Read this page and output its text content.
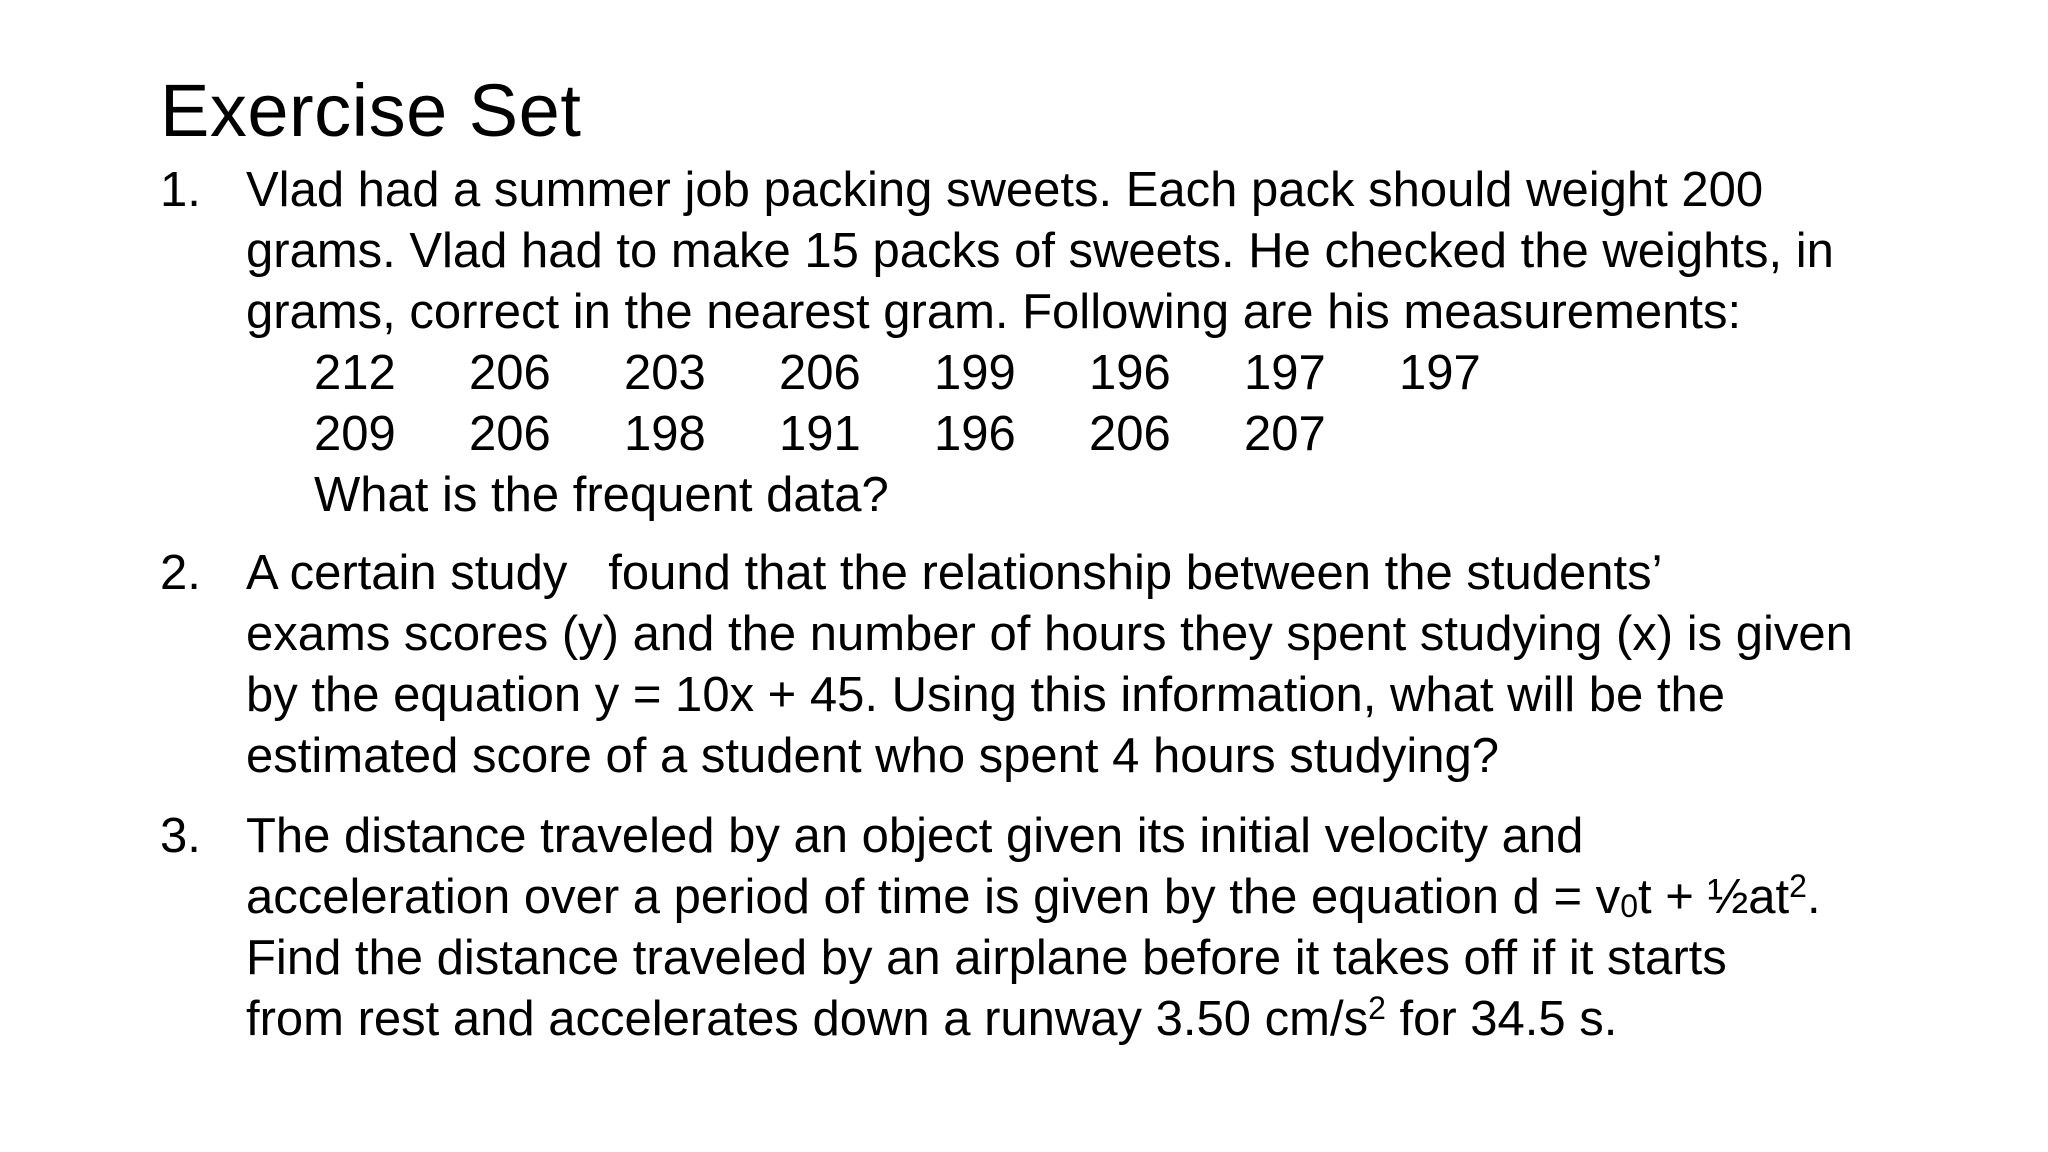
Exercise Set
1. Vlad had a summer job packing sweets. Each pack should weight 200
grams. Vlad had to make 15 packs of sweets. He checked the weights, in
grams, correct in the nearest gram. Following are his measurements:
212	206	203	206	199	196	197	197
209	206	198	191	196	206	207
What is the frequent data?
2. A certain study   found that the relationship between the students’
exams scores (y) and the number of hours they spent studying (x) is given
by the equation y = 10x + 45. Using this information, what will be the
estimated score of a student who spent 4 hours studying?
3. The distance traveled by an object given its initial velocity and
acceleration over a period of time is given by the equation $d = v_0t$ + $\frac{1}{2}at^2$.
Find the distance traveled by an airplane before it takes off if it starts
from rest and accelerates down a runway 3.50 $cm/s^2$ for 34.5 s.
